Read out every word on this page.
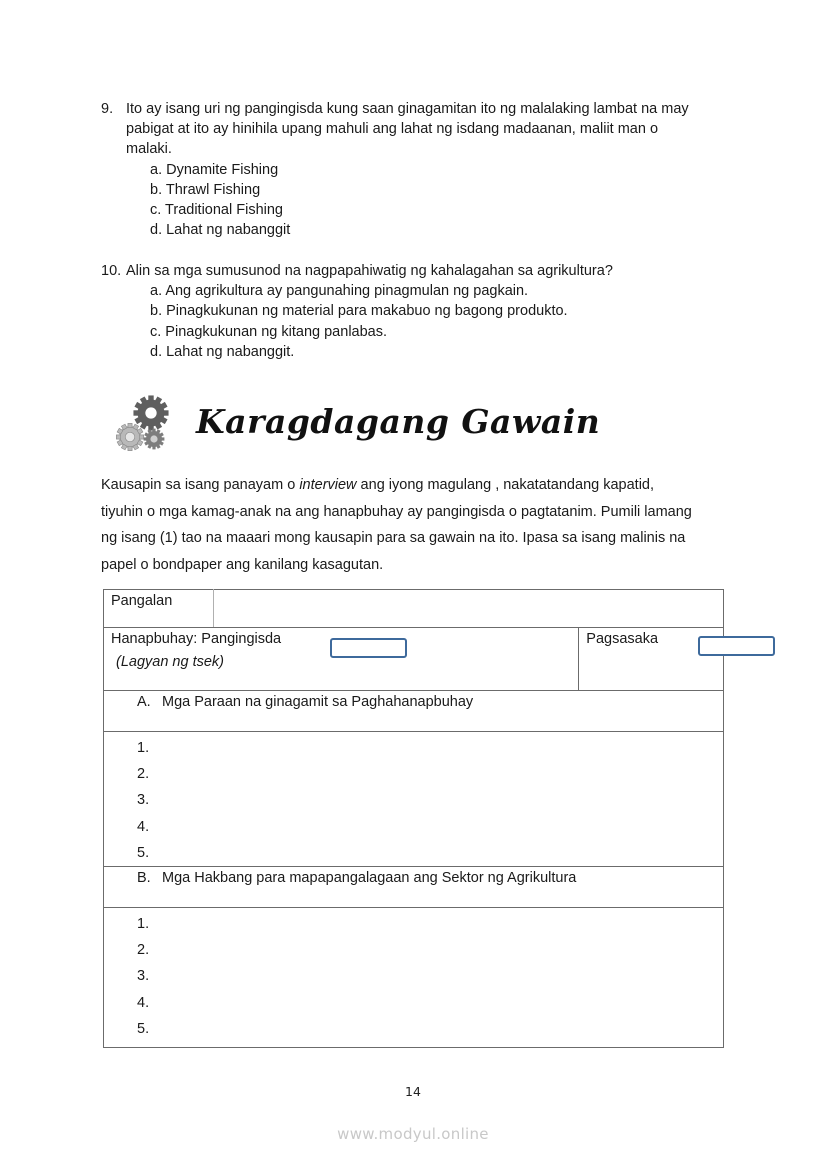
9. Ito ay isang uri ng pangingisda kung saan ginagamitan ito ng malalaking lambat na may
pabigat at ito ay hinihila upang mahuli ang lahat ng isdang madaanan, maliit man o
malaki.
a. Dynamite Fishing
b. Thrawl Fishing
c. Traditional Fishing
d. Lahat ng nabanggit
10. Alin sa mga sumusunod na nagpapahiwatig ng kahalagahan sa agrikultura?
a. Ang agrikultura ay pangunahing pinagmulan ng pagkain.
b. Pinagkukunan ng material para makabuo ng bagong produkto.
c. Pinagkukunan ng kitang panlabas.
d. Lahat ng nabanggit.
Karagdagang Gawain
Kausapin sa isang panayam o interview ang iyong magulang , nakatatandang kapatid,
tiyuhin o mga kamag-anak na ang hanapbuhay ay pangingisda o pagtatanim. Pumili lamang
ng isang (1) tao na maaari mong kausapin para sa gawain na ito. Ipasa sa isang malinis na
papel o bondpaper ang kanilang kasagutan.
Pangalan		

Hanapbuhay: Pangingisda
(Lagyan ng tsek)		Pagsasaka

A. Mga Paraan na ginagamit sa Paghahanapbuhay		

1.
2.
3.
4.
5.		

B. Mga Hakbang para mapapangalagaan ang Sektor ng Agrikultura		

1.
2.
3.
4.
5.		
14
www.modyul.online
